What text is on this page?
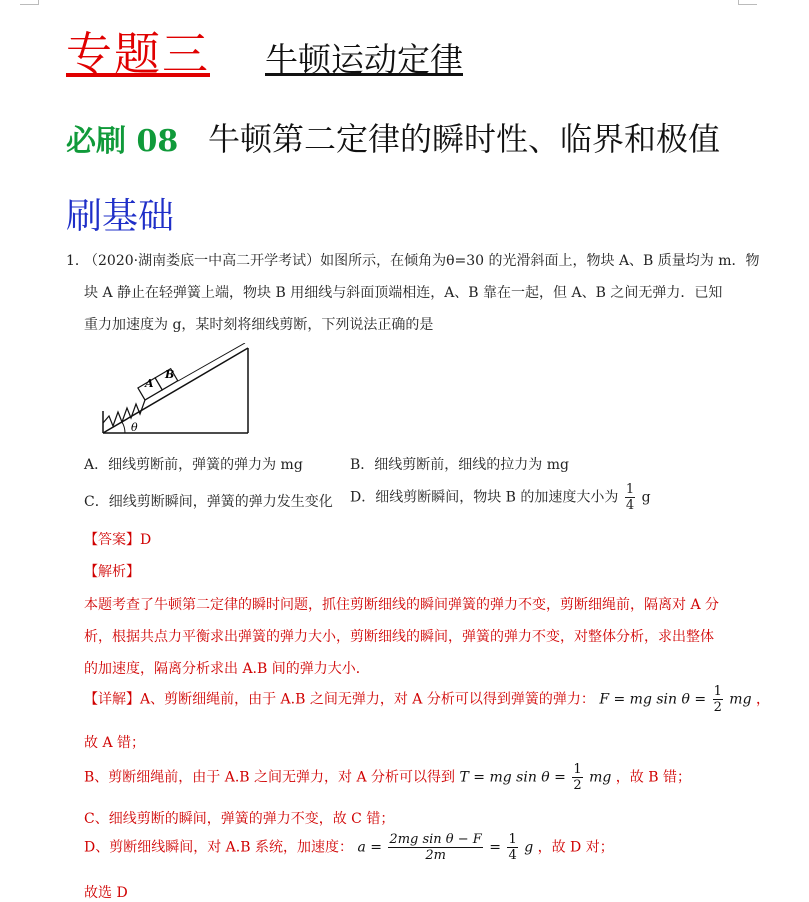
专题三 牛顿运动定律
必刷 08 牛顿第二定律的瞬时性、临界和极值
刷基础
1．
（2020·湖南娄底一中高二开学考试）如图所示，在倾角为θ=30 的光滑斜面上，物块 A、B 质量均为 m．物
块 A 静止在轻弹簧上端，物块 B 用细线与斜面顶端相连，A、B 靠在一起，但 A、B 之间无弹力．已知
重力加速度为 g，某时刻将细线剪断，下列说法正确的是
θ
A
B
A．细线剪断前，弹簧的弹力为 mg	B．细线剪断前，细线的拉力为 mg
C．细线剪断瞬间，弹簧的弹力发生变化 D．细线剪断瞬间，物块 B 的加速度大小为 $\frac{1}{4}$ g
【答案】D
【解析】
本题考查了牛顿第二定律的瞬时问题，抓住剪断细线的瞬间弹簧的弹力不变，剪断细绳前，隔离对 A 分
析，根据共点力平衡求出弹簧的弹力大小，剪断细线的瞬间，弹簧的弹力不变，对整体分析，求出整体
的加速度，隔离分析求出 A.B 间的弹力大小．
【详解】A、剪断细绳前，由于 A.B 之间无弹力，对 A 分析可以得到弹簧的弹力： F = mg $\sin \theta = \frac{1}{2}$ mg ，
故 A 错；
B、剪断细绳前，由于 A.B 之间无弹力，对 A 分析可以得到 T = mg $\sin \theta = \frac{1}{2}$ mg ，故 B 错；
C、细线剪断的瞬间，弹簧的弹力不变，故 C 错；
D、剪断细线瞬间，对 A.B 系统，加速度： $a = \frac{\text{2mg sin θ − F}}{2m} = \frac{1}{4}$ g ，故 D 对；
故选 D
